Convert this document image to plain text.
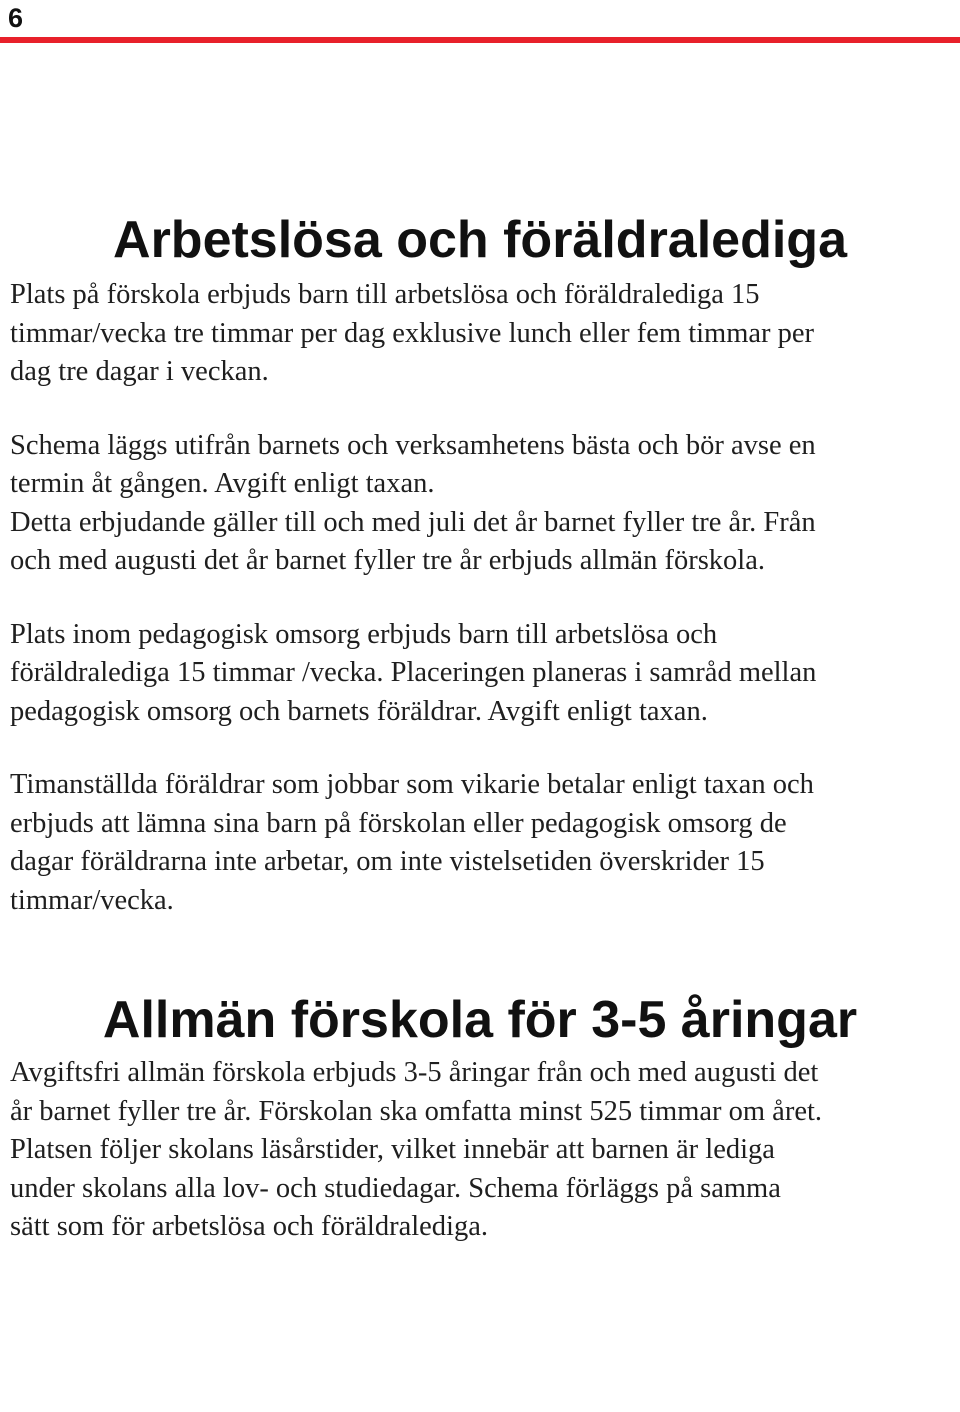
6
Arbetslösa och föräldralediga

Plats på förskola erbjuds barn till arbetslösa och föräldralediga 15
timmar/vecka tre timmar per dag exklusive lunch eller fem timmar per
dag tre dagar i veckan.

Schema läggs utifrån barnets och verksamhetens bästa och bör avse en
termin åt gången. Avgift enligt taxan.
Detta erbjudande gäller till och med juli det år barnet fyller tre år. Från
och med augusti det år barnet fyller tre år erbjuds allmän förskola.

Plats inom pedagogisk omsorg erbjuds barn till arbetslösa och
föräldralediga 15 timmar /vecka. Placeringen planeras i samråd mellan
pedagogisk omsorg och barnets föräldrar. Avgift enligt taxan.

Timanställda föräldrar som jobbar som vikarie betalar enligt taxan och
erbjuds att lämna sina barn på förskolan eller pedagogisk omsorg de
dagar föräldrarna inte arbetar, om inte vistelsetiden överskrider 15
timmar/vecka.

Allmän förskola för 3-5 åringar

Avgiftsfri allmän förskola erbjuds 3-5 åringar från och med augusti det
år barnet fyller tre år. Förskolan ska omfatta minst 525 timmar om året.
Platsen följer skolans läsårstider, vilket innebär att barnen är lediga
under skolans alla lov- och studiedagar. Schema förläggs på samma
sätt som för arbetslösa och föräldralediga.
